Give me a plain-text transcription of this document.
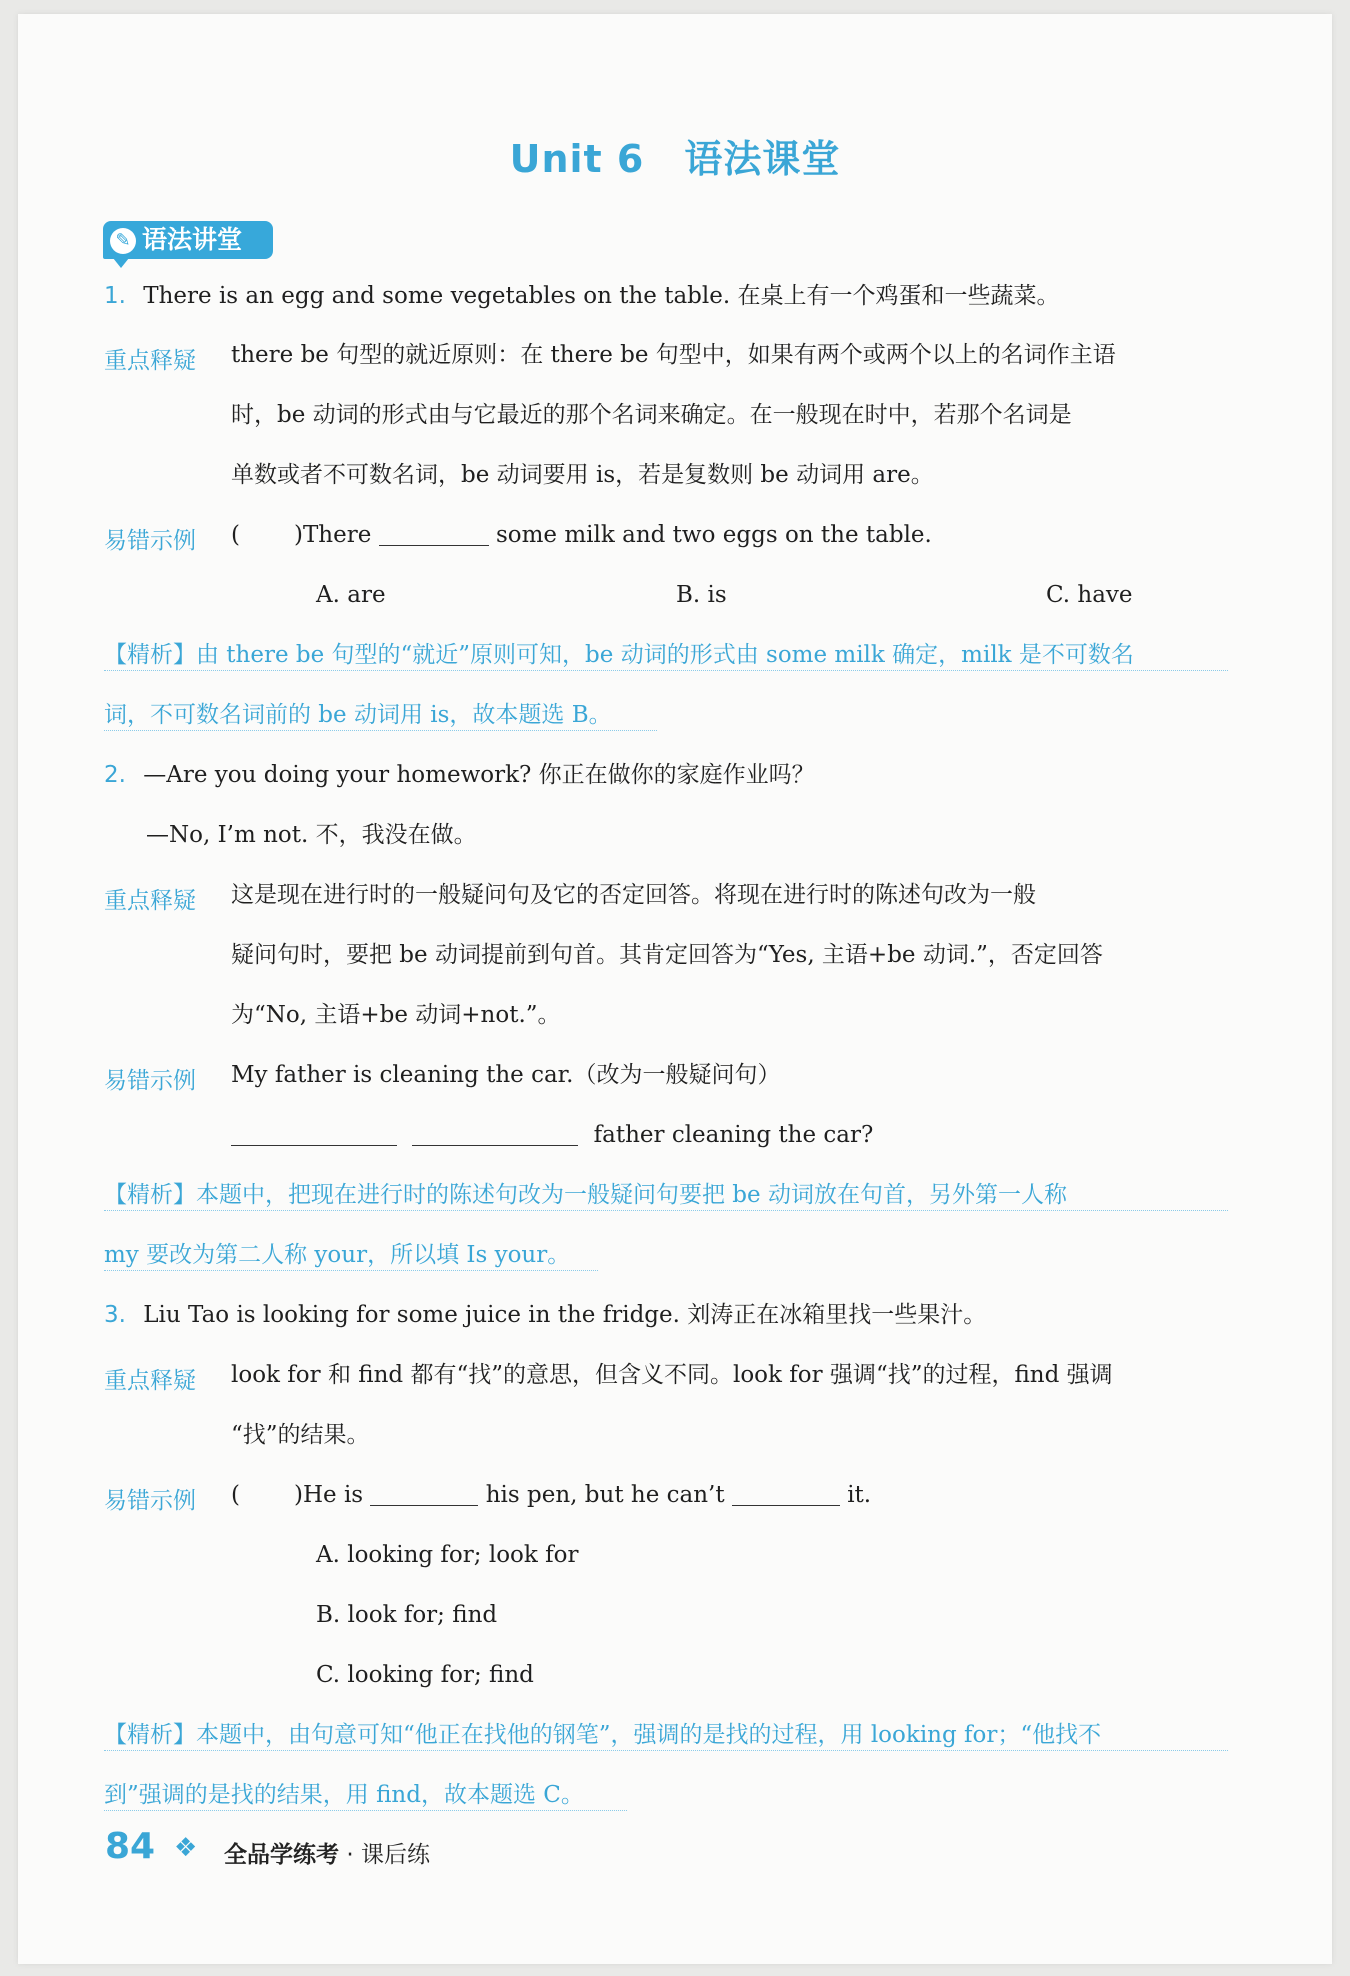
Unit 6 语法课堂
✎ 语法讲堂
1. There is an egg and some vegetables on the table. 在桌上有一个鸡蛋和一些蔬菜。
重点释疑 there be 句型的就近原则：在 there be 句型中，如果有两个或两个以上的名词作主语
时，be 动词的形式由与它最近的那个名词来确定。在一般现在时中，若那个名词是
单数或者不可数名词，be 动词要用 is，若是复数则 be 动词用 are。
易错示例 ( )There	some milk and two eggs on the table.
A. are	B. is	C. have
【精析】由 there be 句型的“就近”原则可知，be 动词的形式由 some milk 确定，milk 是不可数名
词，不可数名词前的 be 动词用 is，故本题选 B。
2. —Are you doing your homework? 你正在做你的家庭作业吗？
—No, I’m not. 不，我没在做。
重点释疑 这是现在进行时的一般疑问句及它的否定回答。将现在进行时的陈述句改为一般
疑问句时，要把 be 动词提前到句首。其肯定回答为“Yes, 主语+be 动词.”，否定回答
为“No, 主语+be 动词+not.”。
易错示例 My father is cleaning the car.（改为一般疑问句）
father cleaning the car?
【精析】本题中，把现在进行时的陈述句改为一般疑问句要把 be 动词放在句首，另外第一人称
my 要改为第二人称 your，所以填 Is your。
3. Liu Tao is looking for some juice in the fridge. 刘涛正在冰箱里找一些果汁。
重点释疑 look for 和 find 都有“找”的意思，但含义不同。look for 强调“找”的过程，find 强调
“找”的结果。
易错示例 ( )He is	his pen, but he can’t	it.
A. looking for; look for
B. look for; find
C. looking for; find
【精析】本题中，由句意可知“他正在找他的钢笔”，强调的是找的过程，用 looking for；“他找不
到”强调的是找的结果，用 find，故本题选 C。
84 ❖ 全品学练考 · 课后练
